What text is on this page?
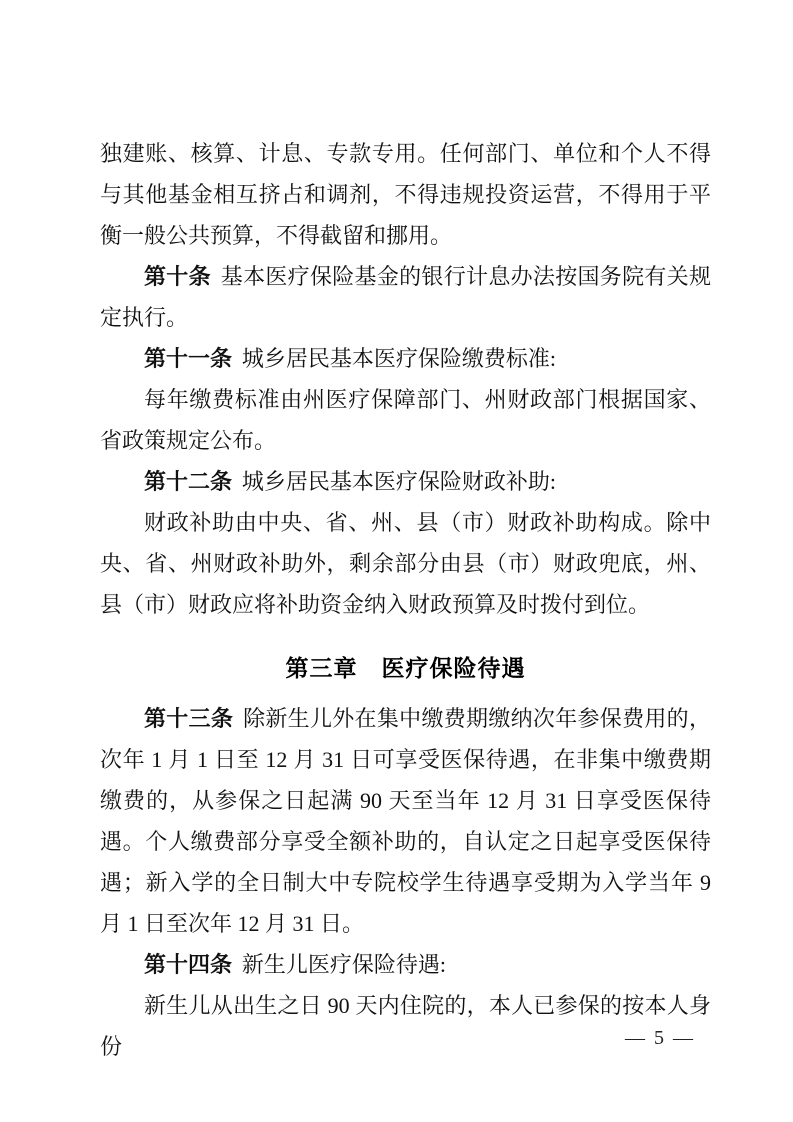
独建账、核算、计息、专款专用。任何部门、单位和个人不得与其他基金相互挤占和调剂，不得违规投资运营，不得用于平衡一般公共预算，不得截留和挪用。

第十条 基本医疗保险基金的银行计息办法按国务院有关规定执行。

第十一条 城乡居民基本医疗保险缴费标准:

每年缴费标准由州医疗保障部门、州财政部门根据国家、省政策规定公布。

第十二条 城乡居民基本医疗保险财政补助:

财政补助由中央、省、州、县（市）财政补助构成。除中央、省、州财政补助外，剩余部分由县（市）财政兜底，州、县（市）财政应将补助资金纳入财政预算及时拨付到位。

第三章　医疗保险待遇

第十三条 除新生儿外在集中缴费期缴纳次年参保费用的，次年 1 月 1 日至 12 月 31 日可享受医保待遇，在非集中缴费期缴费的，从参保之日起满 90 天至当年 12 月 31 日享受医保待遇。个人缴费部分享受全额补助的，自认定之日起享受医保待遇；新入学的全日制大中专院校学生待遇享受期为入学当年 9 月 1 日至次年 12 月 31 日。

第十四条 新生儿医疗保险待遇:

新生儿从出生之日 90 天内住院的，本人已参保的按本人身份	— 5 —
